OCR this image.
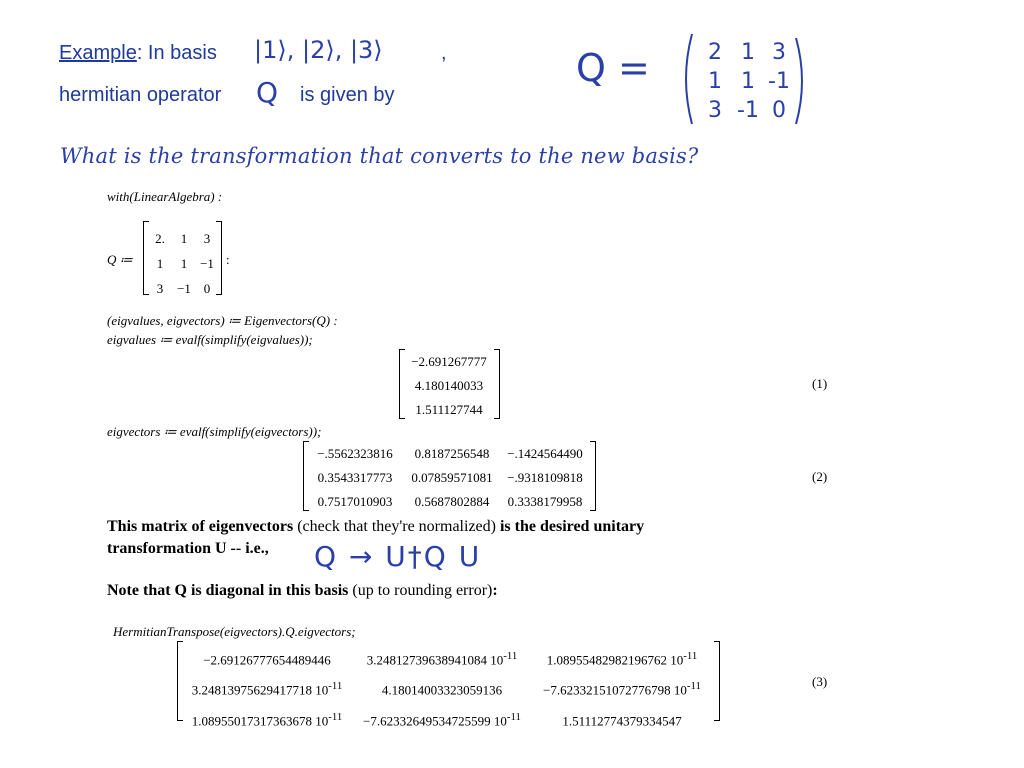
Example: In basis |1⟩, |2⟩, |3⟩	,
hermitian operator Q is given by
Q =	2 1 3
1 1 -1
3 -1 0
What is the transformation that converts to the new basis?
with(LinearAlgebra) :
Q ≔
2.	1	3
1	1 −1
3	−1 0
:
(eigvalues, eigvectors) ≔ Eigenvectors(Q) :
eigvalues ≔ evalf(simplify(eigvalues));
−2.691267777
4.180140033
1.511127744
(1)
eigvectors ≔ evalf(simplify(eigvectors));
−.5562323816	0.8187256548	−.1424564490
0.3543317773	0.07859571081	−.9318109818
0.7517010903	0.5687802884	0.3338179958
(2)
This matrix of eigenvectors (check that they're normalized) is the desired unitary
transformation U -- i.e., Q → U†Q U
Note that Q is diagonal in this basis (up to rounding error):
HermitianTranspose(eigvectors).Q.eigvectors;
−2.69126777654489446	3.24812739638941084 $10^{-11}$	1.08955482982196762 $10^{-11}$
3.24813975629417718 $10^{-11}$	4.18014003323059136	−7.62332151072776798 $10^{-11}$
1.08955017317363678 $10^{-11}$	−7.62332649534725599 $10^{-11}$	1.51112774379334547
(3)
